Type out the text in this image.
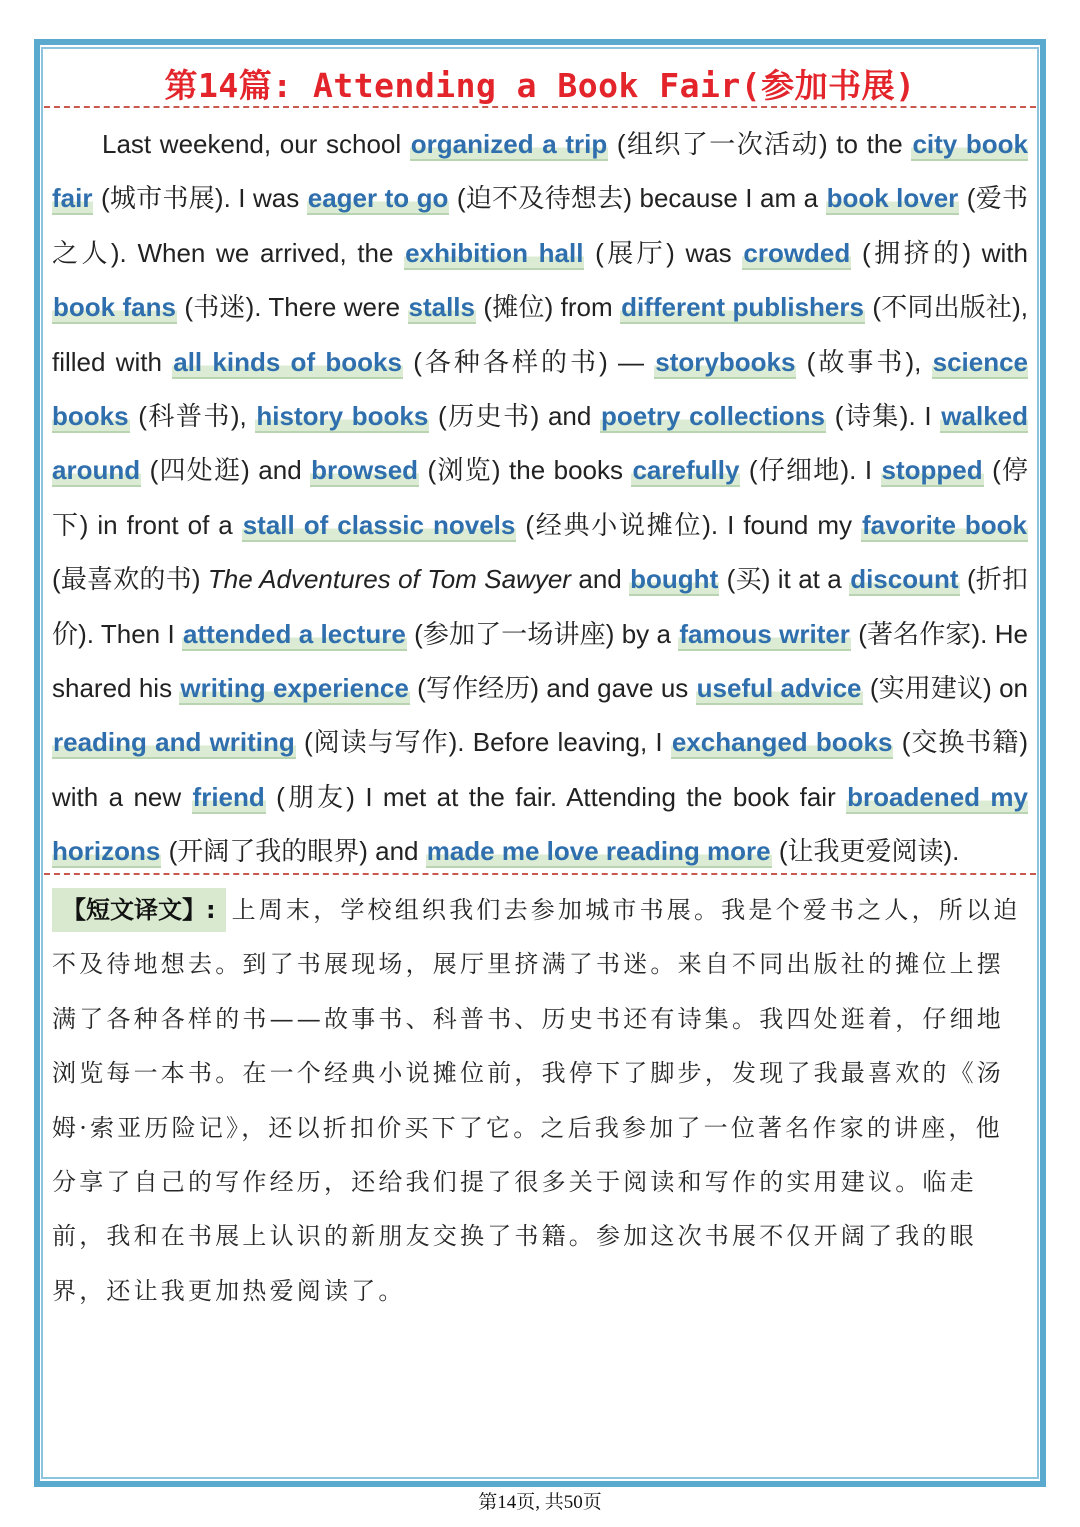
第14篇: Attending a Book Fair(参加书展)
Last weekend, our school organized a trip (组织了一次活动) to the city book fair (城市书展). I was eager to go (迫不及待想去) because I am a book lover (爱书之人). When we arrived, the exhibition hall (展厅) was crowded (拥挤的) with book fans (书迷). There were stalls (摊位) from different publishers (不同出版社), filled with all kinds of books (各种各样的书) — storybooks (故事书), science books (科普书), history books (历史书) and poetry collections (诗集). I walked around (四处逛) and browsed (浏览) the books carefully (仔细地). I stopped (停下) in front of a stall of classic novels (经典小说摊位). I found my favorite book (最喜欢的书) The Adventures of Tom Sawyer and bought (买) it at a discount (折扣价). Then I attended a lecture (参加了一场讲座) by a famous writer (著名作家). He shared his writing experience (写作经历) and gave us useful advice (实用建议) on reading and writing (阅读与写作). Before leaving, I exchanged books (交换书籍) with a new friend (朋友) I met at the fair. Attending the book fair broadened my horizons (开阔了我的眼界) and made me love reading more (让我更爱阅读).
【短文译文】: 上周末，学校组织我们去参加城市书展。我是个爱书之人，所以迫不及待地想去。到了书展现场，展厅里挤满了书迷。来自不同出版社的摊位上摆满了各种各样的书——故事书、科普书、历史书还有诗集。我四处逛着，仔细地浏览每一本书。在一个经典小说摊位前，我停下了脚步，发现了我最喜欢的《汤姆·索亚历险记》，还以折扣价买下了它。之后我参加了一位著名作家的讲座，他分享了自己的写作经历，还给我们提了很多关于阅读和写作的实用建议。临走前，我和在书展上认识的新朋友交换了书籍。参加这次书展不仅开阔了我的眼界，还让我更加热爱阅读了。
第14页, 共50页
